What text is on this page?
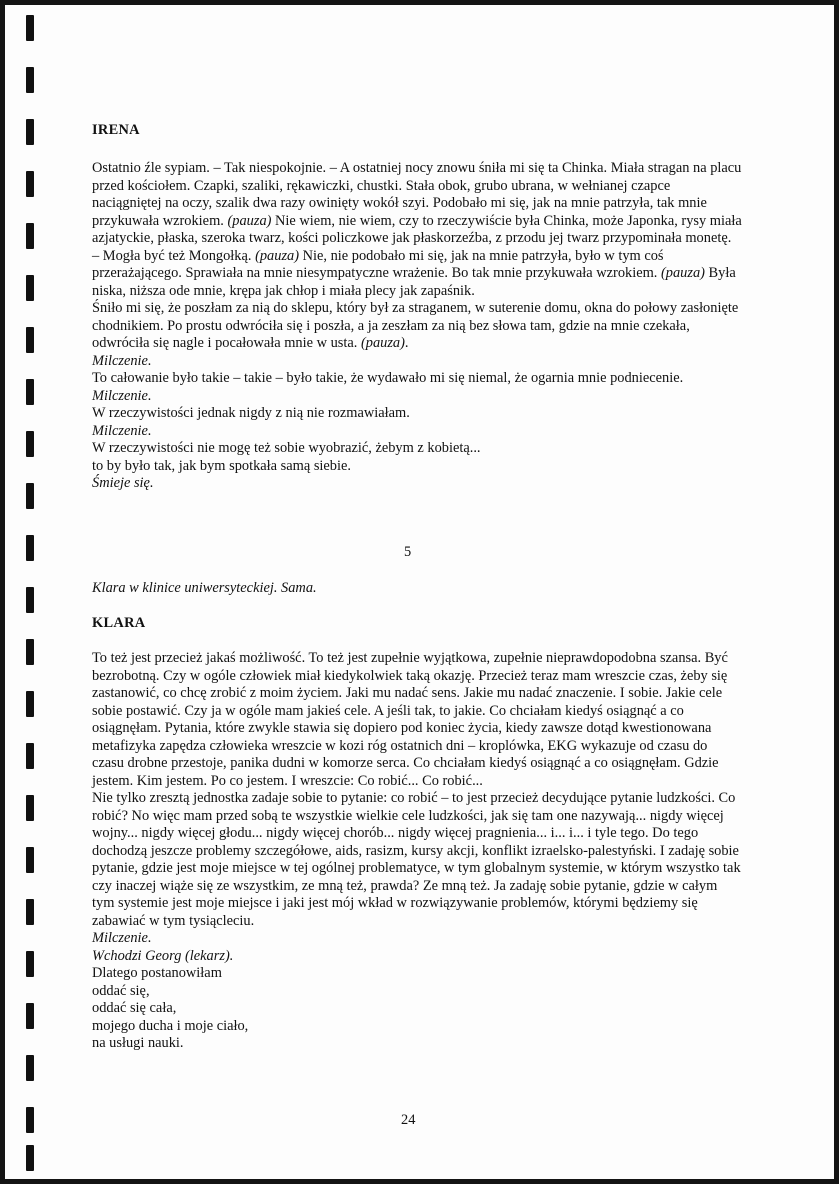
IRENA

Ostatnio źle sypiam. – Tak niespokojnie. – A ostatniej nocy znowu śniła mi się ta Chinka. Miała stragan na placu przed kościołem. Czapki, szaliki, rękawiczki, chustki. Stała obok, grubo ubrana, w wełnianej czapce naciągniętej na oczy, szalik dwa razy owinięty wokół szyi. Podobało mi się, jak na mnie patrzyła, tak mnie przykuwała wzrokiem. (pauza) Nie wiem, nie wiem, czy to rzeczywiście była Chinka, może Japonka, rysy miała azjatyckie, płaska, szeroka twarz, kości policzkowe jak płaskorzeźba, z przodu jej twarz przypominała monetę. – Mogła być też Mongołką. (pauza) Nie, nie podobało mi się, jak na mnie patrzyła, było w tym coś przerażającego. Sprawiała na mnie niesympatyczne wrażenie. Bo tak mnie przykuwała wzrokiem. (pauza) Była niska, niższa ode mnie, krępa jak chłop i miała plecy jak zapaśnik.

Śniło mi się, że poszłam za nią do sklepu, który był za straganem, w suterenie domu, okna do połowy zasłonięte chodnikiem. Po prostu odwróciła się i poszła, a ja zeszłam za nią bez słowa tam, gdzie na mnie czekała, odwróciła się nagle i pocałowała mnie w usta. (pauza).

Milczenie.

To całowanie było takie – takie – było takie, że wydawało mi się niemal, że ogarnia mnie podniecenie.

Milczenie.

W rzeczywistości jednak nigdy z nią nie rozmawiałam.

Milczenie.

W rzeczywistości nie mogę też sobie wyobrazić, żebym z kobietą...

to by było tak, jak bym spotkała samą siebie.

Śmieje się.

5
Klara w klinice uniwersyteckiej. Sama.
KLARA

To też jest przecież jakaś możliwość. To też jest zupełnie wyjątkowa, zupełnie nieprawdopodobna szansa. Być bezrobotną. Czy w ogóle człowiek miał kiedykolwiek taką okazję. Przecież teraz mam wreszcie czas, żeby się zastanowić, co chcę zrobić z moim życiem. Jaki mu nadać sens. Jakie mu nadać znaczenie. I sobie. Jakie cele sobie postawić. Czy ja w ogóle mam jakieś cele. A jeśli tak, to jakie. Co chciałam kiedyś osiągnąć a co osiągnęłam. Pytania, które zwykle stawia się dopiero pod koniec życia, kiedy zawsze dotąd kwestionowana metafizyka zapędza człowieka wreszcie w kozi róg ostatnich dni – kroplówka, EKG wykazuje od czasu do czasu drobne przestoje, panika dudni w komorze serca. Co chciałam kiedyś osiągnąć a co osiągnęłam. Gdzie jestem. Kim jestem. Po co jestem. I wreszcie: Co robić... Co robić...

Nie tylko zresztą jednostka zadaje sobie to pytanie: co robić – to jest przecież decydujące pytanie ludzkości. Co robić? No więc mam przed sobą te wszystkie wielkie cele ludzkości, jak się tam one nazywają... nigdy więcej wojny... nigdy więcej głodu... nigdy więcej chorób... nigdy więcej pragnienia... i... i... i tyle tego. Do tego dochodzą jeszcze problemy szczegółowe, aids, rasizm, kursy akcji, konflikt izraelsko-palestyński. I zadaję sobie pytanie, gdzie jest moje miejsce w tej ogólnej problematyce, w tym globalnym systemie, w którym wszystko tak czy inaczej wiąże się ze wszystkim, ze mną też, prawda? Ze mną też. Ja zadaję sobie pytanie, gdzie w całym tym systemie jest moje miejsce i jaki jest mój wkład w rozwiązywanie problemów, którymi będziemy się zabawiać w tym tysiącleciu.

Milczenie.

Wchodzi Georg (lekarz).

Dlatego postanowiłam

oddać się,

oddać się cała,

mojego ducha i moje ciało,

na usługi nauki.

24
